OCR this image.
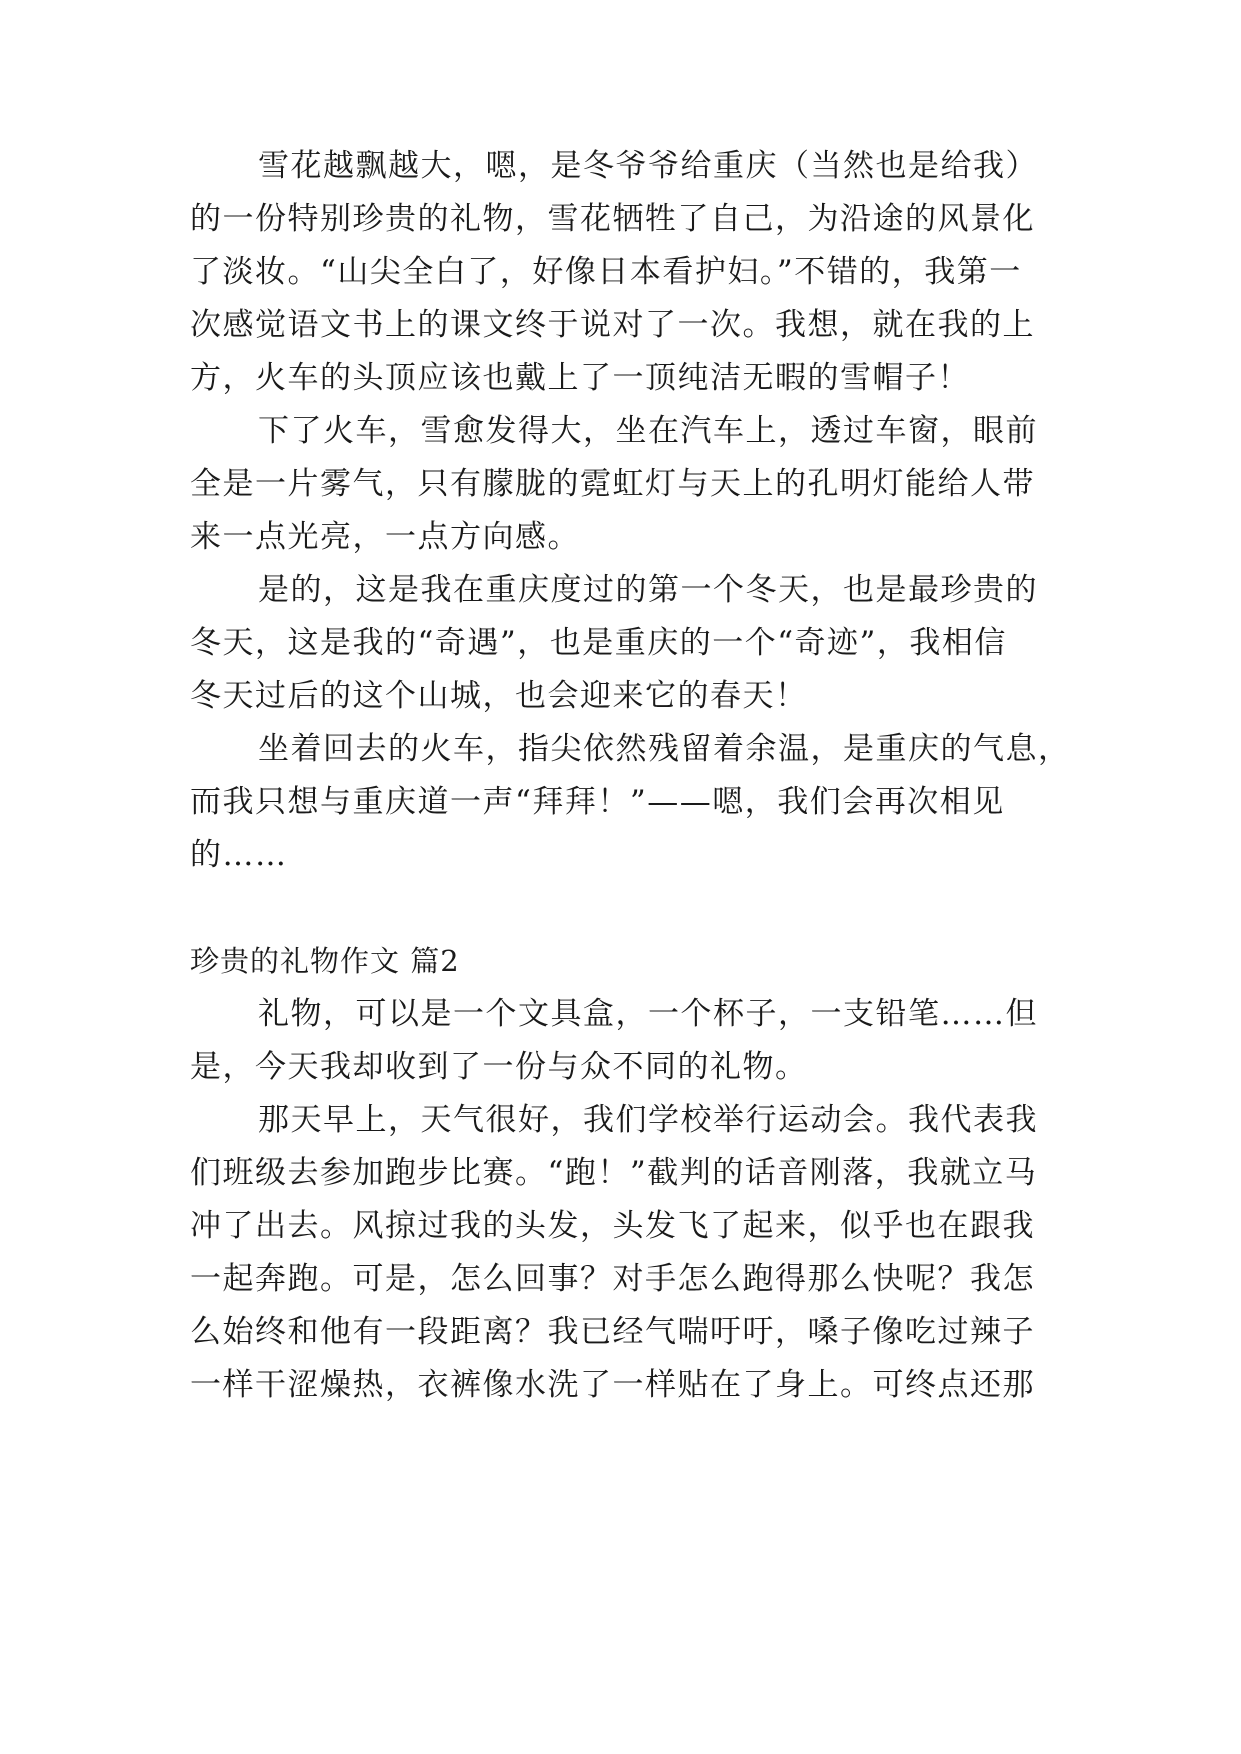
雪花越飘越大，嗯，是冬爷爷给重庆（当然也是给我）
的一份特别珍贵的礼物，雪花牺牲了自己，为沿途的风景化
了淡妆。“山尖全白了，好像日本看护妇。”不错的，我第一
次感觉语文书上的课文终于说对了一次。我想，就在我的上
方，火车的头顶应该也戴上了一顶纯洁无暇的雪帽子！
下了火车，雪愈发得大，坐在汽车上，透过车窗，眼前
全是一片雾气，只有朦胧的霓虹灯与天上的孔明灯能给人带
来一点光亮，一点方向感。
是的，这是我在重庆度过的第一个冬天，也是最珍贵的
冬天，这是我的“奇遇”，也是重庆的一个“奇迹”，我相信
冬天过后的这个山城，也会迎来它的春天！
坐着回去的火车，指尖依然残留着余温，是重庆的气息，
而我只想与重庆道一声“拜拜！”——嗯，我们会再次相见
的……
珍贵的礼物作文 篇2
礼物，可以是一个文具盒，一个杯子，一支铅笔……但
是，今天我却收到了一份与众不同的礼物。
那天早上，天气很好，我们学校举行运动会。我代表我
们班级去参加跑步比赛。“跑！”截判的话音刚落，我就立马
冲了出去。风掠过我的头发，头发飞了起来，似乎也在跟我
一起奔跑。可是，怎么回事？对手怎么跑得那么快呢？我怎
么始终和他有一段距离？我已经气喘吁吁，嗓子像吃过辣子
一样干涩燥热，衣裤像水洗了一样贴在了身上。可终点还那
